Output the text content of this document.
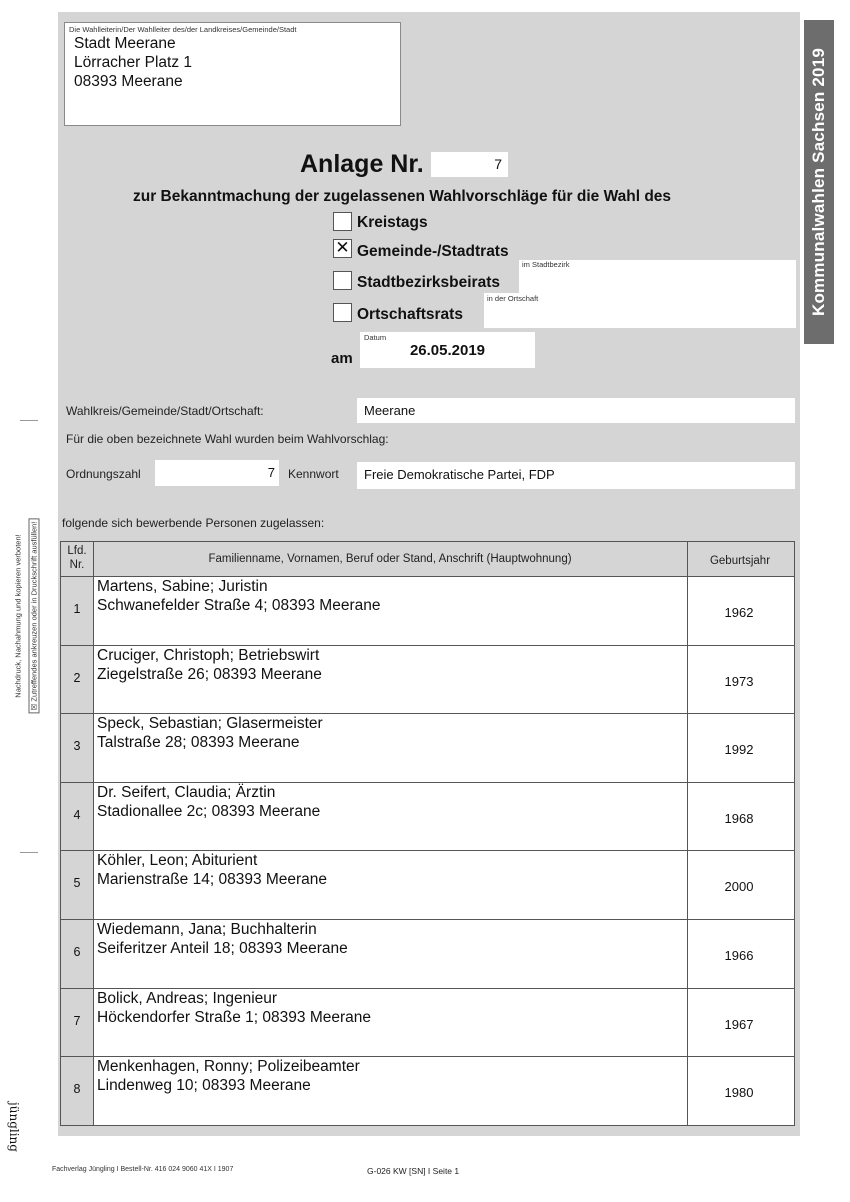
Die Wahlleiterin/Der Wahlleiter des/der Landkreises/Gemeinde/Stadt
Stadt Meerane
Lörracher Platz 1
08393 Meerane	Kommunalwahlen Sachsen 2019
Anlage Nr.	7
zur Bekanntmachung der zugelassenen Wahlvorschläge für die Wahl des
Kreistags
✕ Gemeinde-/Stadtrats
Stadtbezirksbeirats
im Stadtbezirk
Ortschaftsrats
in der Ortschaft
am
Datum
26.05.2019
Wahlkreis/Gemeinde/Stadt/Ortschaft:	Meerane
Für die oben bezeichnete Wahl wurden beim Wahlvorschlag:
Ordnungszahl	7 Kennwort Freie Demokratische Partei, FDP
folgende sich bewerbende Personen zugelassen:
Lfd.
Nr.	Familienname, Vornamen, Beruf oder Stand, Anschrift (Hauptwohnung)	Geburtsjahr
1
Martens, Sabine; Juristin
Schwanefelder Straße 4; 08393 Meerane	1962
2
Cruciger, Christoph; Betriebswirt
Ziegelstraße 26; 08393 Meerane	1973
3
Speck, Sebastian; Glasermeister
Talstraße 28; 08393 Meerane	1992
4
Dr. Seifert, Claudia; Ärztin
Stadionallee 2c; 08393 Meerane	1968
5
Köhler, Leon; Abiturient
Marienstraße 14; 08393 Meerane	2000
6
Wiedemann, Jana; Buchhalterin
Seiferitzer Anteil 18; 08393 Meerane	1966
7
Bolick, Andreas; Ingenieur
Höckendorfer Straße 1; 08393 Meerane	1967
8
Menkenhagen, Ronny; Polizeibeamter
Lindenweg 10; 08393 Meerane	1980
Nachdruck, Nachahmung und kopieren verboten! ☒ Zutreffendes ankreuzen oder in Druckschrift ausfüllen!
jüngling
Fachverlag Jüngling I Bestell-Nr. 416 024 9060 41X I 1907	G-026 KW [SN] I Seite 1
